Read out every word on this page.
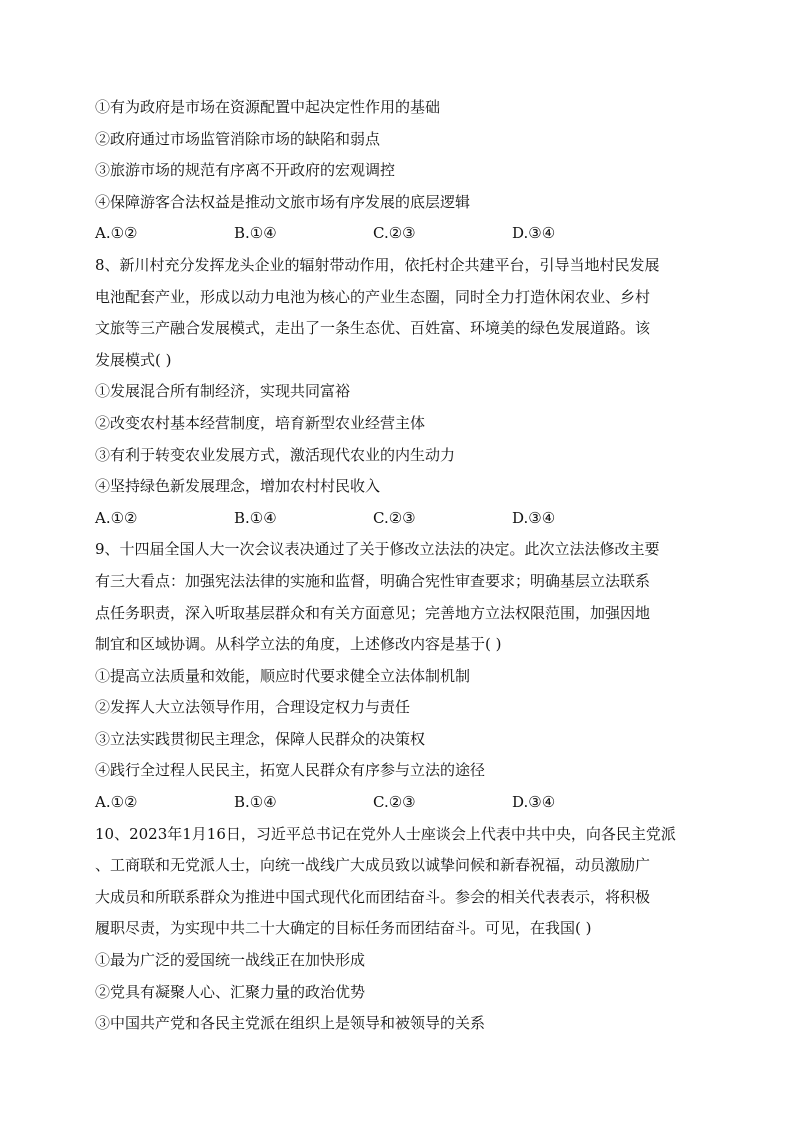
①有为政府是市场在资源配置中起决定性作用的基础
②政府通过市场监管消除市场的缺陷和弱点
③旅游市场的规范有序离不开政府的宏观调控
④保障游客合法权益是推动文旅市场有序发展的底层逻辑
A.①②	B.①④	C.②③	D.③④
8、新川村充分发挥龙头企业的辐射带动作用，依托村企共建平台，引导当地村民发展
电池配套产业，形成以动力电池为核心的产业生态圈，同时全力打造休闲农业、乡村
文旅等三产融合发展模式，走出了一条生态优、百姓富、环境美的绿色发展道路。该
发展模式( )
①发展混合所有制经济，实现共同富裕
②改变农村基本经营制度，培育新型农业经营主体
③有利于转变农业发展方式，激活现代农业的内生动力
④坚持绿色新发展理念，增加农村村民收入
A.①②	B.①④	C.②③	D.③④
9、十四届全国人大一次会议表决通过了关于修改立法法的决定。此次立法法修改主要
有三大看点：加强宪法法律的实施和监督，明确合宪性审查要求；明确基层立法联系
点任务职责，深入听取基层群众和有关方面意见；完善地方立法权限范围，加强因地
制宜和区域协调。从科学立法的角度，上述修改内容是基于( )
①提高立法质量和效能，顺应时代要求健全立法体制机制
②发挥人大立法领导作用，合理设定权力与责任
③立法实践贯彻民主理念，保障人民群众的决策权
④践行全过程人民民主，拓宽人民群众有序参与立法的途径
A.①②	B.①④	C.②③	D.③④
10、2023年1月16日，习近平总书记在党外人士座谈会上代表中共中央，向各民主党派
、工商联和无党派人士，向统一战线广大成员致以诚挚问候和新春祝福，动员激励广
大成员和所联系群众为推进中国式现代化而团结奋斗。参会的相关代表表示，将积极
履职尽责，为实现中共二十大确定的目标任务而团结奋斗。可见，在我国( )
①最为广泛的爱国统一战线正在加快形成
②党具有凝聚人心、汇聚力量的政治优势
③中国共产党和各民主党派在组织上是领导和被领导的关系
